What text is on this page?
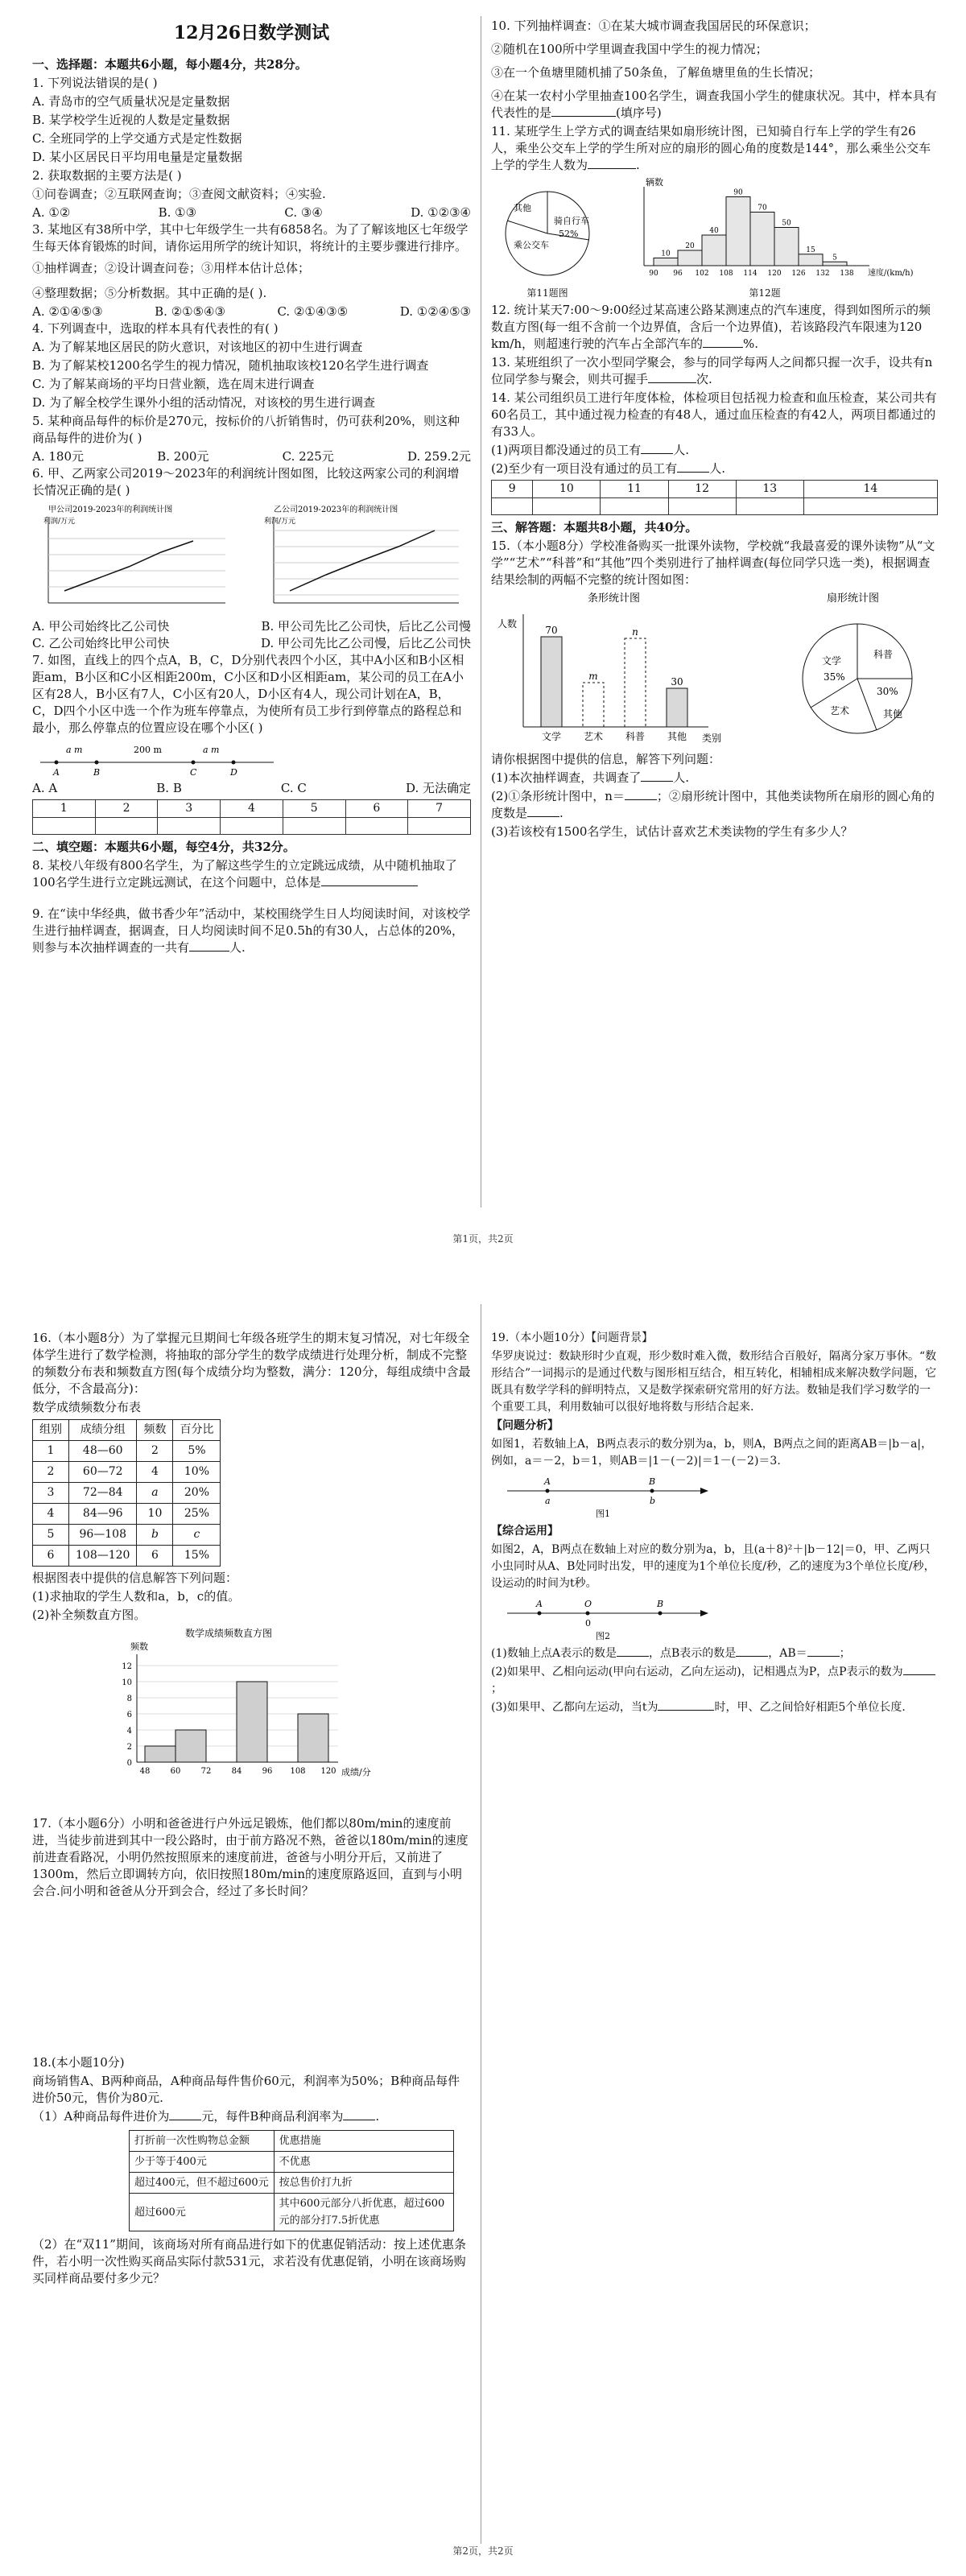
12月26日数学测试

一、选择题：本题共6小题，每小题4分，共28分。

1. 下列说法错误的是( )

A. 青岛市的空气质量状况是定量数据

B. 某学校学生近视的人数是定量数据

C. 全班同学的上学交通方式是定性数据

D. 某小区居民日平均用电量是定量数据

2. 获取数据的主要方法是( )

①问卷调查；②互联网查询；③查阅文献资料；④实验.

A. ①②	B. ①③	C. ③④	D. ①②③④

3. 某地区有38所中学，其中七年级学生一共有6858名。为了了解该地区七年级学生每天体育锻炼的时间，请你运用所学的统计知识，将统计的主要步骤进行排序。

①抽样调查；②设计调查问卷；③用样本估计总体；

④整理数据；⑤分析数据。其中正确的是( ).

A. ②①④⑤③	B. ②①⑤④③	C. ②①④③⑤	D. ①②④⑤③

4. 下列调查中，选取的样本具有代表性的有( )

A. 为了解某地区居民的防火意识，对该地区的初中生进行调查

B. 为了解某校1200名学生的视力情况，随机抽取该校120名学生进行调查

C. 为了解某商场的平均日营业额，选在周末进行调查

D. 为了解全校学生课外小组的活动情况，对该校的男生进行调查

5. 某种商品每件的标价是270元，按标价的八折销售时，仍可获利20%，则这种商品每件的进价为( )

A. 180元	B. 200元	C. 225元	D. 259.2元

6. 甲、乙两家公司2019～2023年的利润统计图如图，比较这两家公司的利润增长情况正确的是( )

甲公司2019-2023年的利润统计图
利润/万元
乙公司2019-2023年的利润统计图
利润/万元
A. 甲公司始终比乙公司快	B. 甲公司先比乙公司快，后比乙公司慢
C. 乙公司始终比甲公司快	D. 甲公司先比乙公司慢，后比乙公司快

7. 如图，直线上的四个点A，B，C，D分别代表四个小区，其中A小区和B小区相距am，B小区和C小区相距200m，C小区和D小区相距am，某公司的员工在A小区有28人，B小区有7人，C小区有20人，D小区有4人，现公司计划在A，B，C，D四个小区中选一个作为班车停靠点，为使所有员工步行到停靠点的路程总和最小，那么停靠点的位置应设在哪个小区( )

a m	200 m	a m
A	B	C	D
A. A	B. B	C. C	D. 无法确定
1	2	3	4	5	6	7

二、填空题：本题共6小题，每空4分，共32分。

8. 某校八年级有800名学生，为了解这些学生的立定跳远成绩，从中随机抽取了100名学生进行立定跳远测试，在这个问题中，总体是

9. 在“读中华经典，做书香少年”活动中，某校围绕学生日人均阅读时间，对该校学生进行抽样调查，据调查，日人均阅读时间不足0.5h的有30人，占总体的20%，则参与本次抽样调查的一共有	人.

10. 下列抽样调查：①在某大城市调查我国居民的环保意识；

②随机在100所中学里调查我国中学生的视力情况；

③在一个鱼塘里随机捕了50条鱼，了解鱼塘里鱼的生长情况；

④在某一农村小学里抽查100名学生，调查我国小学生的健康状况。其中，样本具有代表性的是	(填序号)

11. 某班学生上学方式的调查结果如扇形统计图，已知骑自行车上学的学生有26人，乘坐公交车上学的学生所对应的扇形的圆心角的度数是144°，那么乘坐公交车上学的学生人数为	.

其他
骑自行车
52%
乘公交车
第11题图
辆数
10
20
40
90
70
50
15
5
90 96 102 108 114 120 126 132 138 速度/(km/h)
第12题

12. 统计某天7:00～9:00经过某高速公路某测速点的汽车速度，得到如图所示的频数直方图(每一组不含前一个边界值，含后一个边界值)，若该路段汽车限速为120 km/h，则超速行驶的汽车占全部汽车的	%.

13. 某班组织了一次小型同学聚会，参与的同学每两人之间都只握一次手，设共有n位同学参与聚会，则共可握手	次.

14. 某公司组织员工进行年度体检，体检项目包括视力检查和血压检查，某公司共有60名员工，其中通过视力检查的有48人，通过血压检查的有42人，两项目都通过的有33人。

(1)两项目都没通过的员工有	人.

(2)至少有一项目没有通过的员工有	人.

9	10	11	12	13	14

三、解答题：本题共8小题，共40分。

15.（本小题8分）学校准备购买一批课外读物，学校就“我最喜爱的课外读物”从“文学”“艺术”“科普”和“其他”四个类别进行了抽样调查(每位同学只选一类)，根据调查结果绘制的两幅不完整的统计图如图：

条形统计图
人数
70
文学
m
艺术
n
科普
30
其他 类别
扇形统计图
文学
35%
科普
30%
艺术	其他

请你根据图中提供的信息，解答下列问题：

(1)本次抽样调查，共调查了	人.

(2)①条形统计图中，n＝	；②扇形统计图中，其他类读物所在扇形的圆心角的度数是	.

(3)若该校有1500名学生，试估计喜欢艺术类读物的学生有多少人？

第1页，共2页

16.（本小题8分）为了掌握元旦期间七年级各班学生的期末复习情况，对七年级全体学生进行了数学检测，将抽取的部分学生的数学成绩进行处理分析，制成不完整的频数分布表和频数直方图(每个成绩分均为整数，满分：120分，每组成绩中含最低分，不含最高分)：

数学成绩频数分布表

组别	成绩分组	频数	百分比
1	48—60	2	5%
2	60—72	4	10%
3	72—84	a	20%
4	84—96	10	25%
5	96—108	b	c
6	108—120	6	15%

根据图表中提供的信息解答下列问题：

(1)求抽取的学生人数和a，b，c的值。

(2)补全频数直方图。

数学成绩频数直方图
频数
0
2
4
6
8
10
12
48	60	72	84	96 108 120 成绩/分

17.（本小题6分）小明和爸爸进行户外远足锻炼，他们都以80m/min的速度前进，当徒步前进到其中一段公路时，由于前方路况不熟，爸爸以180m/min的速度前进查看路况，小明仍然按照原来的速度前进，爸爸与小明分开后，又前进了1300m，然后立即调转方向，依旧按照180m/min的速度原路返回，直到与小明会合.问小明和爸爸从分开到会合，经过了多长时间？

18.(本小题10分)

商场销售A、B两种商品，A种商品每件售价60元，利润率为50%；B种商品每件进价50元，售价为80元.

（1）A种商品每件进价为	元，每件B种商品利润率为	.

打折前一次性购物总金额	优惠措施
少于等于400元	不优惠
超过400元，但不超过600元	按总售价打九折
超过600元	其中600元部分八折优惠，超过600元的部分打7.5折优惠

（2）在“双11”期间，该商场对所有商品进行如下的优惠促销活动：按上述优惠条件，若小明一次性购买商品实际付款531元，求若没有优惠促销，小明在该商场购买同样商品要付多少元？

19.（本小题10分）【问题背景】

华罗庚说过：数缺形时少直观，形少数时难入微，数形结合百般好，隔离分家万事休。“数形结合”一词揭示的是通过代数与图形相互结合，相互转化，相辅相成来解决数学问题，它既具有数学学科的鲜明特点，又是数学探索研究常用的好方法。数轴是我们学习数学的一个重要工具，利用数轴可以很好地将数与形结合起来.

【问题分析】

如图1，若数轴上A，B两点表示的数分别为a，b，则A，B两点之间的距离AB＝|b－a|，例如，a＝－2，b＝1，则AB＝|1－(－2)|＝1－(－2)＝3.

A	B
a	b
图1

【综合运用】

如图2，A，B两点在数轴上对应的数分别为a，b，且(a＋8)²＋|b－12|＝0，甲、乙两只小虫同时从A、B处同时出发，甲的速度为1个单位长度/秒，乙的速度为3个单位长度/秒，设运动的时间为t秒。

A	O	B
0
图2

(1)数轴上点A表示的数是	，点B表示的数是	，AB＝	；

(2)如果甲、乙相向运动(甲向右运动，乙向左运动)，记相遇点为P，点P表示的数为；

(3)如果甲、乙都向左运动，当t为	时，甲、乙之间恰好相距5个单位长度.

第2页，共2页
